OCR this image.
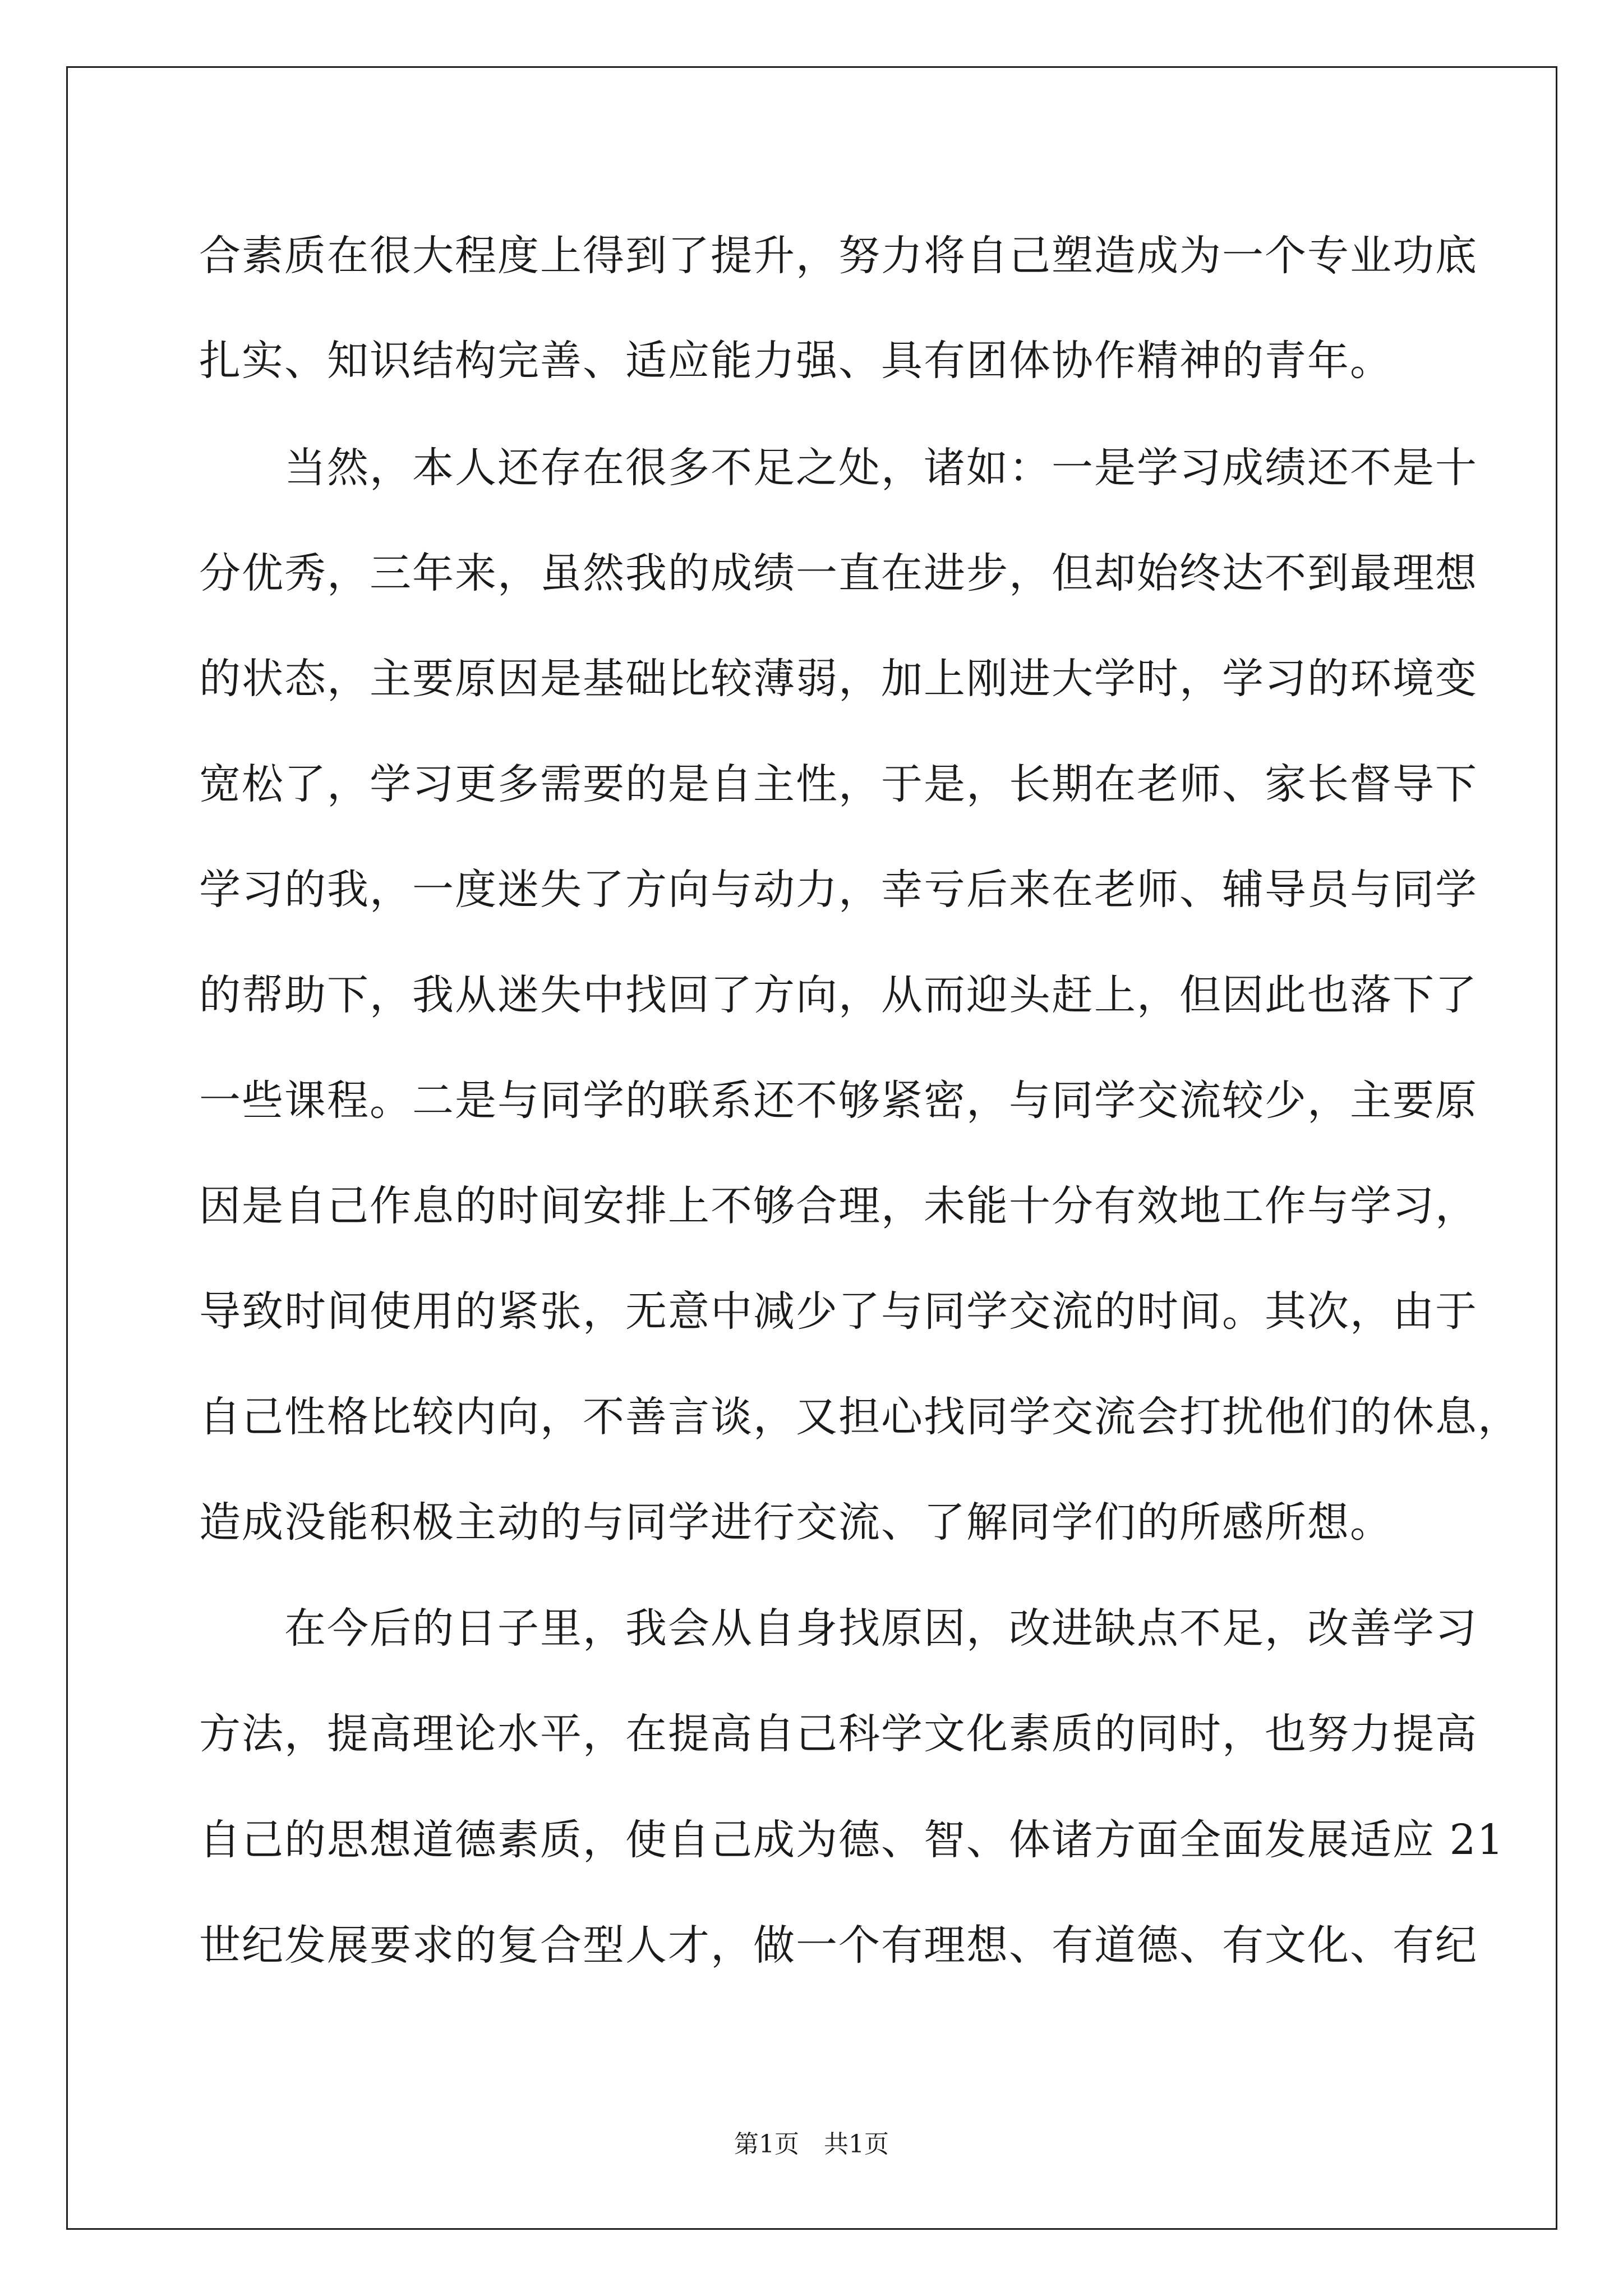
合素质在很大程度上得到了提升，努力将自己塑造成为一个专业功底
扎实、知识结构完善、适应能力强、具有团体协作精神的青年。
　　当然，本人还存在很多不足之处，诸如：一是学习成绩还不是十
分优秀，三年来，虽然我的成绩一直在进步，但却始终达不到最理想
的状态，主要原因是基础比较薄弱，加上刚进大学时，学习的环境变
宽松了，学习更多需要的是自主性，于是，长期在老师、家长督导下
学习的我，一度迷失了方向与动力，幸亏后来在老师、辅导员与同学
的帮助下，我从迷失中找回了方向，从而迎头赶上，但因此也落下了
一些课程。二是与同学的联系还不够紧密，与同学交流较少，主要原
因是自己作息的时间安排上不够合理，未能十分有效地工作与学习，
导致时间使用的紧张，无意中减少了与同学交流的时间。其次，由于
自己性格比较内向，不善言谈，又担心找同学交流会打扰他们的休息，
造成没能积极主动的与同学进行交流、了解同学们的所感所想。
　　在今后的日子里，我会从自身找原因，改进缺点不足，改善学习
方法，提高理论水平，在提高自己科学文化素质的同时，也努力提高
自己的思想道德素质，使自己成为德、智、体诸方面全面发展适应 21
世纪发展要求的复合型人才，做一个有理想、有道德、有文化、有纪
第1页　共1页
